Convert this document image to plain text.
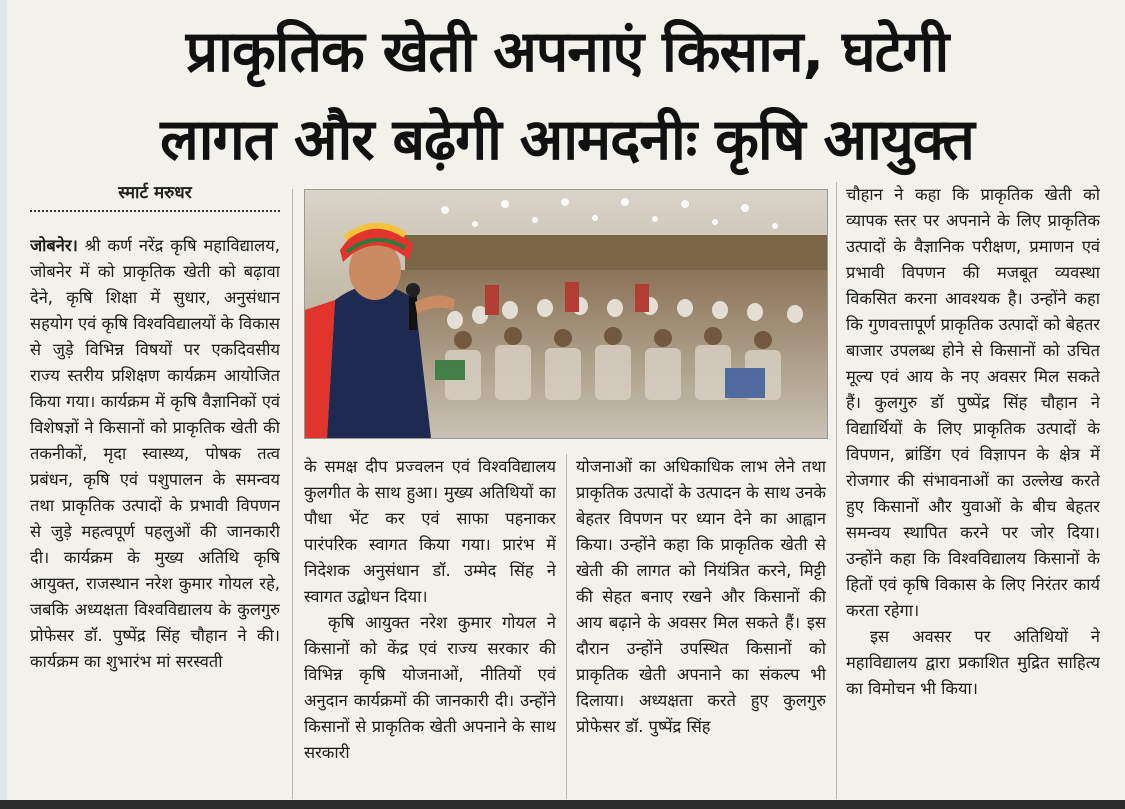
प्राकृतिक खेती अपनाएं किसान, घटेगी
लागत और बढ़ेगी आमदनीः कृषि आयुक्त
स्मार्ट मरुधर

जोबनेर। श्री कर्ण नरेंद्र कृषि महाविद्यालय, जोबनेर में को प्राकृतिक खेती को बढ़ावा देने, कृषि शिक्षा में सुधार, अनुसंधान सहयोग एवं कृषि विश्वविद्यालयों के विकास से जुड़े विभिन्न विषयों पर एकदिवसीय राज्य स्तरीय प्रशिक्षण कार्यक्रम आयोजित किया गया। कार्यक्रम में कृषि वैज्ञानिकों एवं विशेषज्ञों ने किसानों को प्राकृतिक खेती की तकनीकों, मृदा स्वास्थ्य, पोषक तत्व प्रबंधन, कृषि एवं पशुपालन के समन्वय तथा प्राकृतिक उत्पादों के प्रभावी विपणन से जुड़े महत्वपूर्ण पहलुओं की जानकारी दी। कार्यक्रम के मुख्य अतिथि कृषि आयुक्त, राजस्थान नरेश कुमार गोयल रहे, जबकि अध्यक्षता विश्वविद्यालय के कुलगुरु प्रोफेसर डॉ. पुष्पेंद्र सिंह चौहान ने की। कार्यक्रम का शुभारंभ मां सरस्वती

के समक्ष दीप प्रज्वलन एवं विश्वविद्यालय कुलगीत के साथ हुआ। मुख्य अतिथियों का पौधा भेंट कर एवं साफा पहनाकर पारंपरिक स्वागत किया गया। प्रारंभ में निदेशक अनुसंधान डॉ. उम्मेद सिंह ने स्वागत उद्बोधन दिया।

कृषि आयुक्त नरेश कुमार गोयल ने किसानों को केंद्र एवं राज्य सरकार की विभिन्न कृषि योजनाओं, नीतियों एवं अनुदान कार्यक्रमों की जानकारी दी। उन्होंने किसानों से प्राकृतिक खेती अपनाने के साथ सरकारी

योजनाओं का अधिकाधिक लाभ लेने तथा प्राकृतिक उत्पादों के उत्पादन के साथ उनके बेहतर विपणन पर ध्यान देने का आह्वान किया। उन्होंने कहा कि प्राकृतिक खेती से खेती की लागत को नियंत्रित करने, मिट्टी की सेहत बनाए रखने और किसानों की आय बढ़ाने के अवसर मिल सकते हैं। इस दौरान उन्होंने उपस्थित किसानों को प्राकृतिक खेती अपनाने का संकल्प भी दिलाया। अध्यक्षता करते हुए कुलगुरु प्रोफेसर डॉ. पुष्पेंद्र सिंह

चौहान ने कहा कि प्राकृतिक खेती को व्यापक स्तर पर अपनाने के लिए प्राकृतिक उत्पादों के वैज्ञानिक परीक्षण, प्रमाणन एवं प्रभावी विपणन की मजबूत व्यवस्था विकसित करना आवश्यक है। उन्होंने कहा कि गुणवत्तापूर्ण प्राकृतिक उत्पादों को बेहतर बाजार उपलब्ध होने से किसानों को उचित मूल्य एवं आय के नए अवसर मिल सकते हैं। कुलगुरु डॉ पुष्पेंद्र सिंह चौहान ने विद्यार्थियों के लिए प्राकृतिक उत्पादों के विपणन, ब्रांडिंग एवं विज्ञापन के क्षेत्र में रोजगार की संभावनाओं का उल्लेख करते हुए किसानों और युवाओं के बीच बेहतर समन्वय स्थापित करने पर जोर दिया। उन्होंने कहा कि विश्वविद्यालय किसानों के हितों एवं कृषि विकास के लिए निरंतर कार्य करता रहेगा।

इस अवसर पर अतिथियों ने महाविद्यालय द्वारा प्रकाशित मुद्रित साहित्य का विमोचन भी किया।
